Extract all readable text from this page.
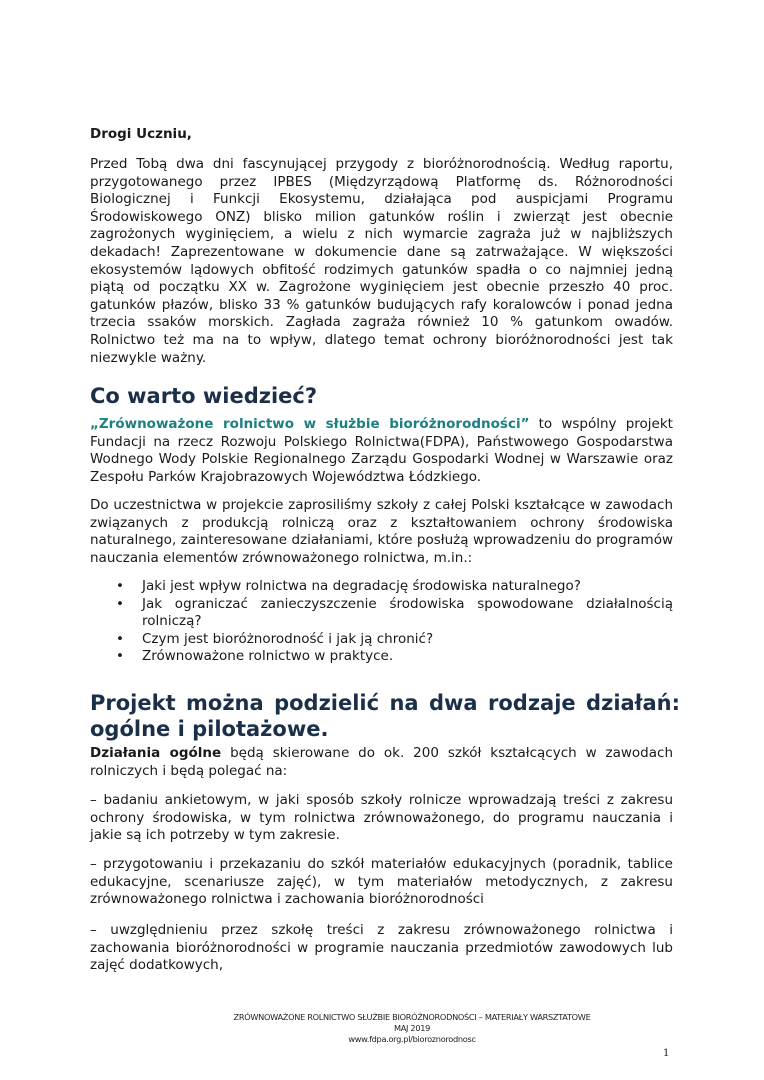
Drogi Uczniu,

Przed Tobą dwa dni fascynującej przygody z bioróżnorodnością. Według raportu, przygotowanego przez IPBES (Międzyrządową Platformę ds. Różnorodności Biologicznej i Funkcji Ekosystemu, działająca pod auspicjami Programu Środowiskowego ONZ) blisko milion gatunków roślin i zwierząt jest obecnie zagrożonych wyginięciem, a wielu z nich wymarcie zagraża już w najbliższych dekadach! Zaprezentowane w dokumencie dane są zatrważające. W większości ekosystemów lądowych obfitość rodzimych gatunków spadła o co najmniej jedną piątą od początku XX w. Zagrożone wyginięciem jest obecnie przeszło 40 proc. gatunków płazów, blisko 33 % gatunków budujących rafy koralowców i ponad jedna trzecia ssaków morskich. Zagłada zagraża również 10 % gatunkom owadów. Rolnictwo też ma na to wpływ, dlatego temat ochrony bioróżnorodności jest tak niezwykle ważny.

Co warto wiedzieć?

„Zrównoważone rolnictwo w służbie bioróżnorodności” to wspólny projekt Fundacji na rzecz Rozwoju Polskiego Rolnictwa(FDPA), Państwowego Gospodarstwa Wodnego Wody Polskie Regionalnego Zarządu Gospodarki Wodnej w Warszawie oraz Zespołu Parków Krajobrazowych Województwa Łódzkiego.

Do uczestnictwa w projekcie zaprosiliśmy szkoły z całej Polski kształcące w zawodach związanych z produkcją rolniczą oraz z kształtowaniem ochrony środowiska naturalnego, zainteresowane działaniami, które posłużą wprowadzeniu do programów nauczania elementów zrównoważonego rolnictwa, m.in.:

• Jaki jest wpływ rolnictwa na degradację środowiska naturalnego?
• Jak ograniczać zanieczyszczenie środowiska spowodowane działalnością rolniczą?
• Czym jest bioróżnorodność i jak ją chronić?
• Zrównoważone rolnictwo w praktyce.
Projekt można podzielić na dwa rodzaje działań: ogólne i pilotażowe.

Działania ogólne będą skierowane do ok. 200 szkół kształcących w zawodach rolniczych i będą polegać na:

– badaniu ankietowym, w jaki sposób szkoły rolnicze wprowadzają treści z zakresu ochrony środowiska, w tym rolnictwa zrównoważonego, do programu nauczania i jakie są ich potrzeby w tym zakresie.

– przygotowaniu i przekazaniu do szkół materiałów edukacyjnych (poradnik, tablice edukacyjne, scenariusze zajęć), w tym materiałów metodycznych, z zakresu zrównoważonego rolnictwa i zachowania bioróżnorodności

– uwzględnieniu przez szkołę treści z zakresu zrównoważonego rolnictwa i zachowania bioróżnorodności w programie nauczania przedmiotów zawodowych lub zajęć dodatkowych,

ZRÓWNOWAŻONE ROLNICTWO SŁUŻBIE BIORÓŻNORODNOŚCI – MATERIAŁY WARSZTATOWE
MAJ 2019
www.fdpa.org.pl/bioroznorodnosc
1
